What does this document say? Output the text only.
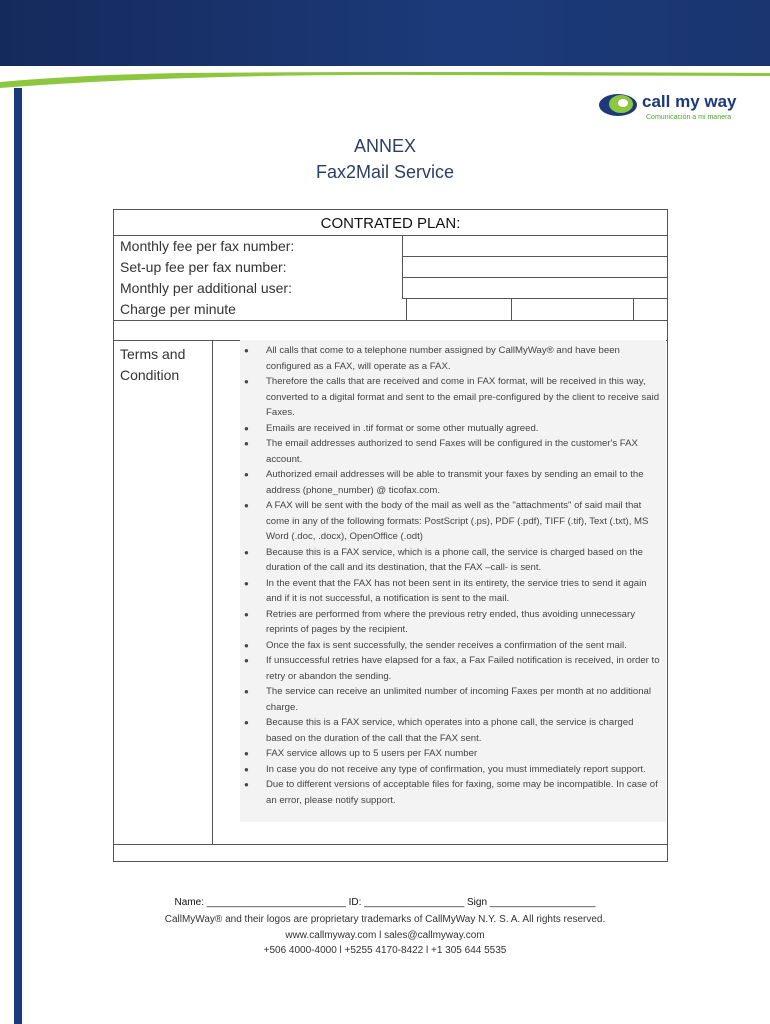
call my way
Comunicación a mi manera
ANNEX
Fax2Mail Service
CONTRATED PLAN:
Monthly fee per fax number:
Set-up fee per fax number:
Monthly per additional user:
Charge per minute
Terms and Condition
● All calls that come to a telephone number assigned by CallMyWay® and have been configured as a FAX, will operate as a FAX.
● Therefore the calls that are received and come in FAX format, will be received in this way, converted to a digital format and sent to the email pre-configured by the client to receive said Faxes.
● Emails are received in .tif format or some other mutually agreed.
● The email addresses authorized to send Faxes will be configured in the customer's FAX account.
● Authorized email addresses will be able to transmit your faxes by sending an email to the address (phone_number) @ ticofax.com.
● A FAX will be sent with the body of the mail as well as the "attachments" of said mail that come in any of the following formats: PostScript (.ps), PDF (.pdf), TIFF (.tif), Text (.txt), MS Word (.doc, .docx), OpenOffice (.odt)
● Because this is a FAX service, which is a phone call, the service is charged based on the duration of the call and its destination, that the FAX –call- is sent.
● In the event that the FAX has not been sent in its entirety, the service tries to send it again and if it is not successful, a notification is sent to the mail.
● Retries are performed from where the previous retry ended, thus avoiding unnecessary reprints of pages by the recipient.
● Once the fax is sent successfully, the sender receives a confirmation of the sent mail.
● If unsuccessful retries have elapsed for a fax, a Fax Failed notification is received, in order to retry or abandon the sending.
● The service can receive an unlimited number of incoming Faxes per month at no additional charge.
● Because this is a FAX service, which operates into a phone call, the service is charged based on the duration of the call that the FAX sent.
● FAX service allows up to 5 users per FAX number
● In case you do not receive any type of confirmation, you must immediately report support.
● Due to different versions of acceptable files for faxing, some may be incompatible. In case of an error, please notify support.
Name: _________________________ ID: __________________ Sign ___________________
CallMyWay® and their logos are proprietary trademarks of CallMyWay N.Y. S. A. All rights reserved.
www.callmyway.com l sales@callmyway.com
+506 4000-4000 l +5255 4170-8422 l +1 305 644 5535
